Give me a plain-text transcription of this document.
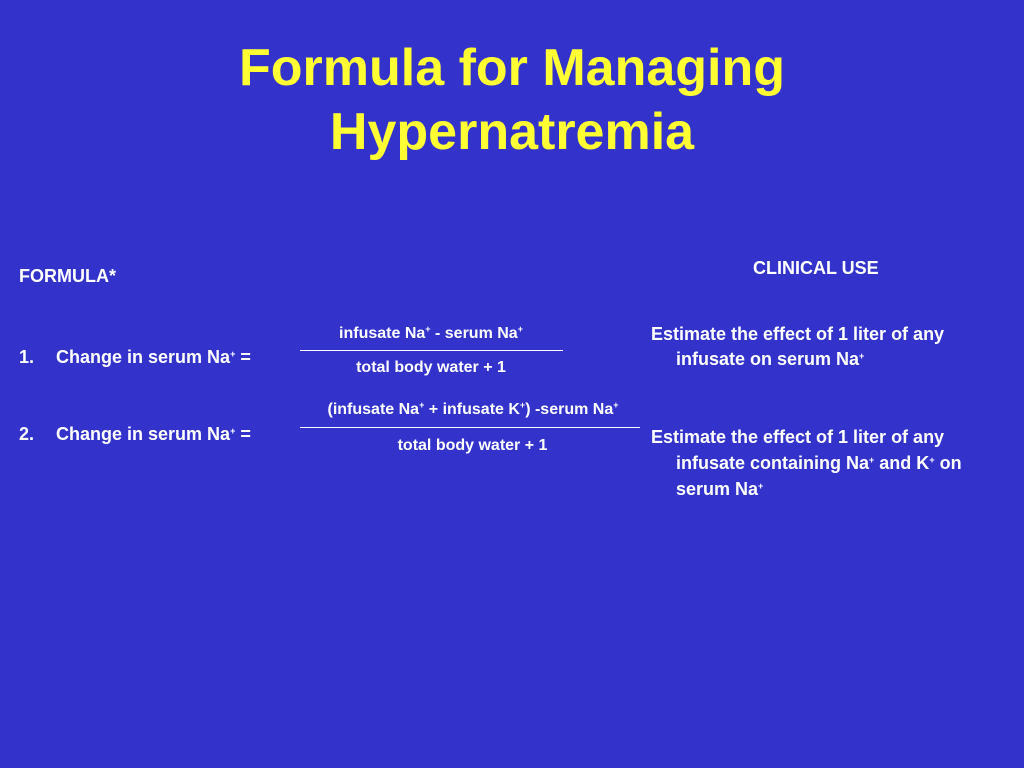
Formula for Managing
Hypernatremia
FORMULA*	CLINICAL USE
1. Change in serum Na+ =
infusate Na+ - serum Na+
total body water + 1
2. Change in serum Na+ =
(infusate Na+ + infusate K+) -serum Na+
total body water + 1
Estimate the effect of 1 liter of any
infusate on serum Na+
Estimate the effect of 1 liter of any
infusate containing Na+ and K+ on
serum Na+
